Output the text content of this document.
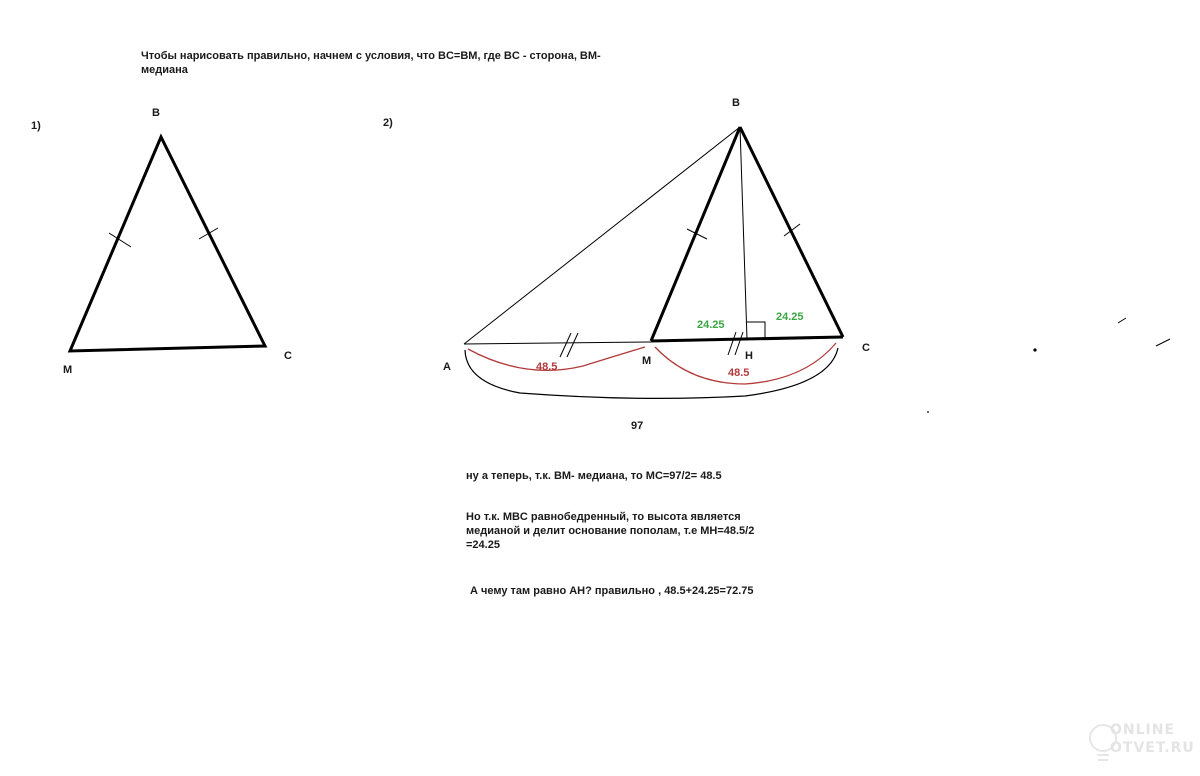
Чтобы нарисовать правильно, начнем с условия, что BC=BM, где BC - сторона, BM-
медиана
1)
B
M
C
2)
B
A	M	H
C
24.25
24.25
48.5	48.5
97
ну а теперь, т.к. BM- медиана, то MC=97/2= 48.5
Но т.к. MBC равнобедренный, то высота является
медианой и делит основание пополам, т.е MH=48.5/2
=24.25
А чему там равно AH? правильно , 48.5+24.25=72.75
ONLINE
OTVET.RU
